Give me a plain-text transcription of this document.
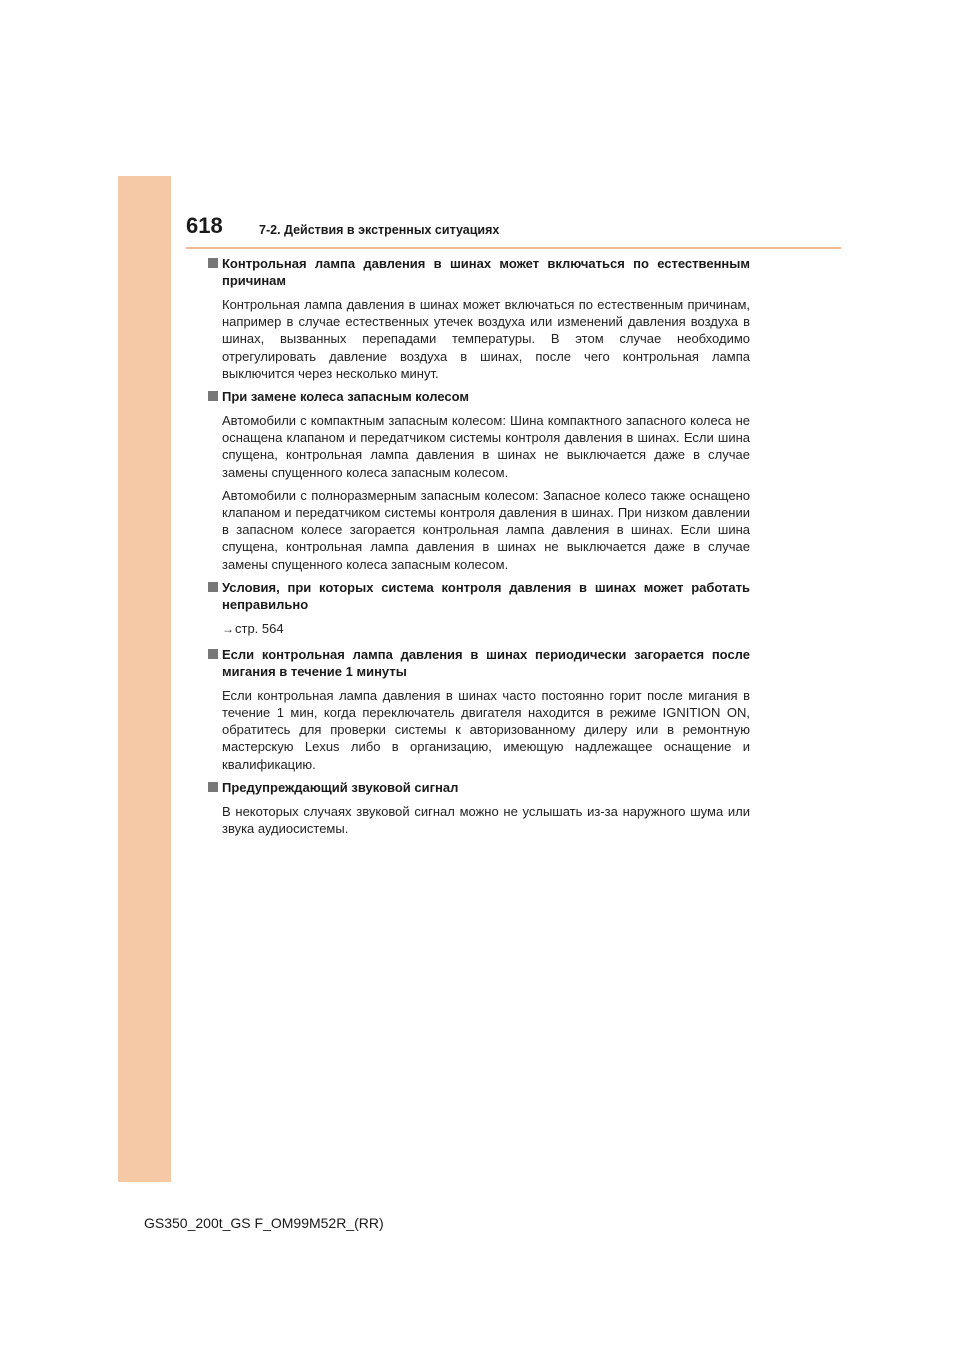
618	7-2. Действия в экстренных ситуациях
Контрольная лампа давления в шинах может включаться по естественным причинам

Контрольная лампа давления в шинах может включаться по естественным причинам, например в случае естественных утечек воздуха или изменений давления воздуха в шинах, вызванных перепадами температуры. В этом случае необходимо отрегулировать давление воздуха в шинах, после чего контрольная лампа выключится через несколько минут.

При замене колеса запасным колесом

Автомобили с компактным запасным колесом: Шина компактного запасного колеса не оснащена клапаном и передатчиком системы контроля давления в шинах. Если шина спущена, контрольная лампа давления в шинах не выключается даже в случае замены спущенного колеса запасным колесом.

Автомобили с полноразмерным запасным колесом: Запасное колесо также оснащено клапаном и передатчиком системы контроля давления в шинах. При низком давлении в запасном колесе загорается контрольная лампа давления в шинах. Если шина спущена, контрольная лампа давления в шинах не выключается даже в случае замены спущенного колеса запасным колесом.

Условия, при которых система контроля давления в шинах может работать неправильно

→стр. 564

Если контрольная лампа давления в шинах периодически загорается после мигания в течение 1 минуты

Если контрольная лампа давления в шинах часто постоянно горит после мигания в течение 1 мин, когда переключатель двигателя находится в режиме IGNITION ON, обратитесь для проверки системы к авторизованному дилеру или в ремонтную мастерскую Lexus либо в организацию, имеющую надлежащее оснащение и квалификацию.

Предупреждающий звуковой сигнал

В некоторых случаях звуковой сигнал можно не услышать из-за наружного шума или звука аудиосистемы.

GS350_200t_GS F_OM99M52R_(RR)
